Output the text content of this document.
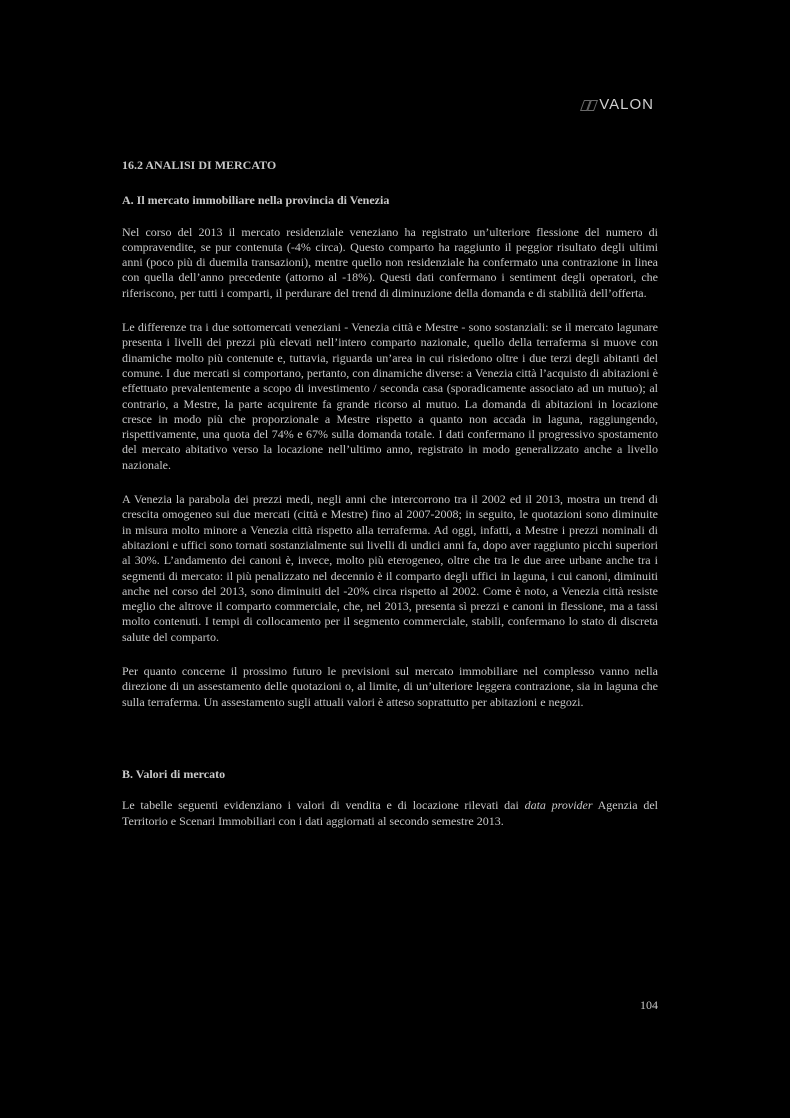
VALON
16.2 ANALISI DI MERCATO
A. Il mercato immobiliare nella provincia di Venezia

Nel corso del 2013 il mercato residenziale veneziano ha registrato un’ulteriore flessione del numero di compravendite, se pur contenuta (-4% circa). Questo comparto ha raggiunto il peggior risultato degli ultimi anni (poco più di duemila transazioni), mentre quello non residenziale ha confermato una contrazione in linea con quella dell’anno precedente (attorno al -18%). Questi dati confermano i sentiment degli operatori, che riferiscono, per tutti i comparti, il perdurare del trend di diminuzione della domanda e di stabilità dell’offerta.

Le differenze tra i due sottomercati veneziani - Venezia città e Mestre - sono sostanziali: se il mercato lagunare presenta i livelli dei prezzi più elevati nell’intero comparto nazionale, quello della terraferma si muove con dinamiche molto più contenute e, tuttavia, riguarda un’area in cui risiedono oltre i due terzi degli abitanti del comune. I due mercati si comportano, pertanto, con dinamiche diverse: a Venezia città l’acquisto di abitazioni è effettuato prevalentemente a scopo di investimento / seconda casa (sporadicamente associato ad un mutuo); al contrario, a Mestre, la parte acquirente fa grande ricorso al mutuo. La domanda di abitazioni in locazione cresce in modo più che proporzionale a Mestre rispetto a quanto non accada in laguna, raggiungendo, rispettivamente, una quota del 74% e 67% sulla domanda totale. I dati confermano il progressivo spostamento del mercato abitativo verso la locazione nell’ultimo anno, registrato in modo generalizzato anche a livello nazionale.

A Venezia la parabola dei prezzi medi, negli anni che intercorrono tra il 2002 ed il 2013, mostra un trend di crescita omogeneo sui due mercati (città e Mestre) fino al 2007-2008; in seguito, le quotazioni sono diminuite in misura molto minore a Venezia città rispetto alla terraferma. Ad oggi, infatti, a Mestre i prezzi nominali di abitazioni e uffici sono tornati sostanzialmente sui livelli di undici anni fa, dopo aver raggiunto picchi superiori al 30%. L’andamento dei canoni è, invece, molto più eterogeneo, oltre che tra le due aree urbane anche tra i segmenti di mercato: il più penalizzato nel decennio è il comparto degli uffici in laguna, i cui canoni, diminuiti anche nel corso del 2013, sono diminuiti del -20% circa rispetto al 2002. Come è noto, a Venezia città resiste meglio che altrove il comparto commerciale, che, nel 2013, presenta sì prezzi e canoni in flessione, ma a tassi molto contenuti. I tempi di collocamento per il segmento commerciale, stabili, confermano lo stato di discreta salute del comparto.

Per quanto concerne il prossimo futuro le previsioni sul mercato immobiliare nel complesso vanno nella direzione di un assestamento delle quotazioni o, al limite, di un’ulteriore leggera contrazione, sia in laguna che sulla terraferma. Un assestamento sugli attuali valori è atteso soprattutto per abitazioni e negozi.

B. Valori di mercato

Le tabelle seguenti evidenziano i valori di vendita e di locazione rilevati dai data provider Agenzia del Territorio e Scenari Immobiliari con i dati aggiornati al secondo semestre 2013.

104
